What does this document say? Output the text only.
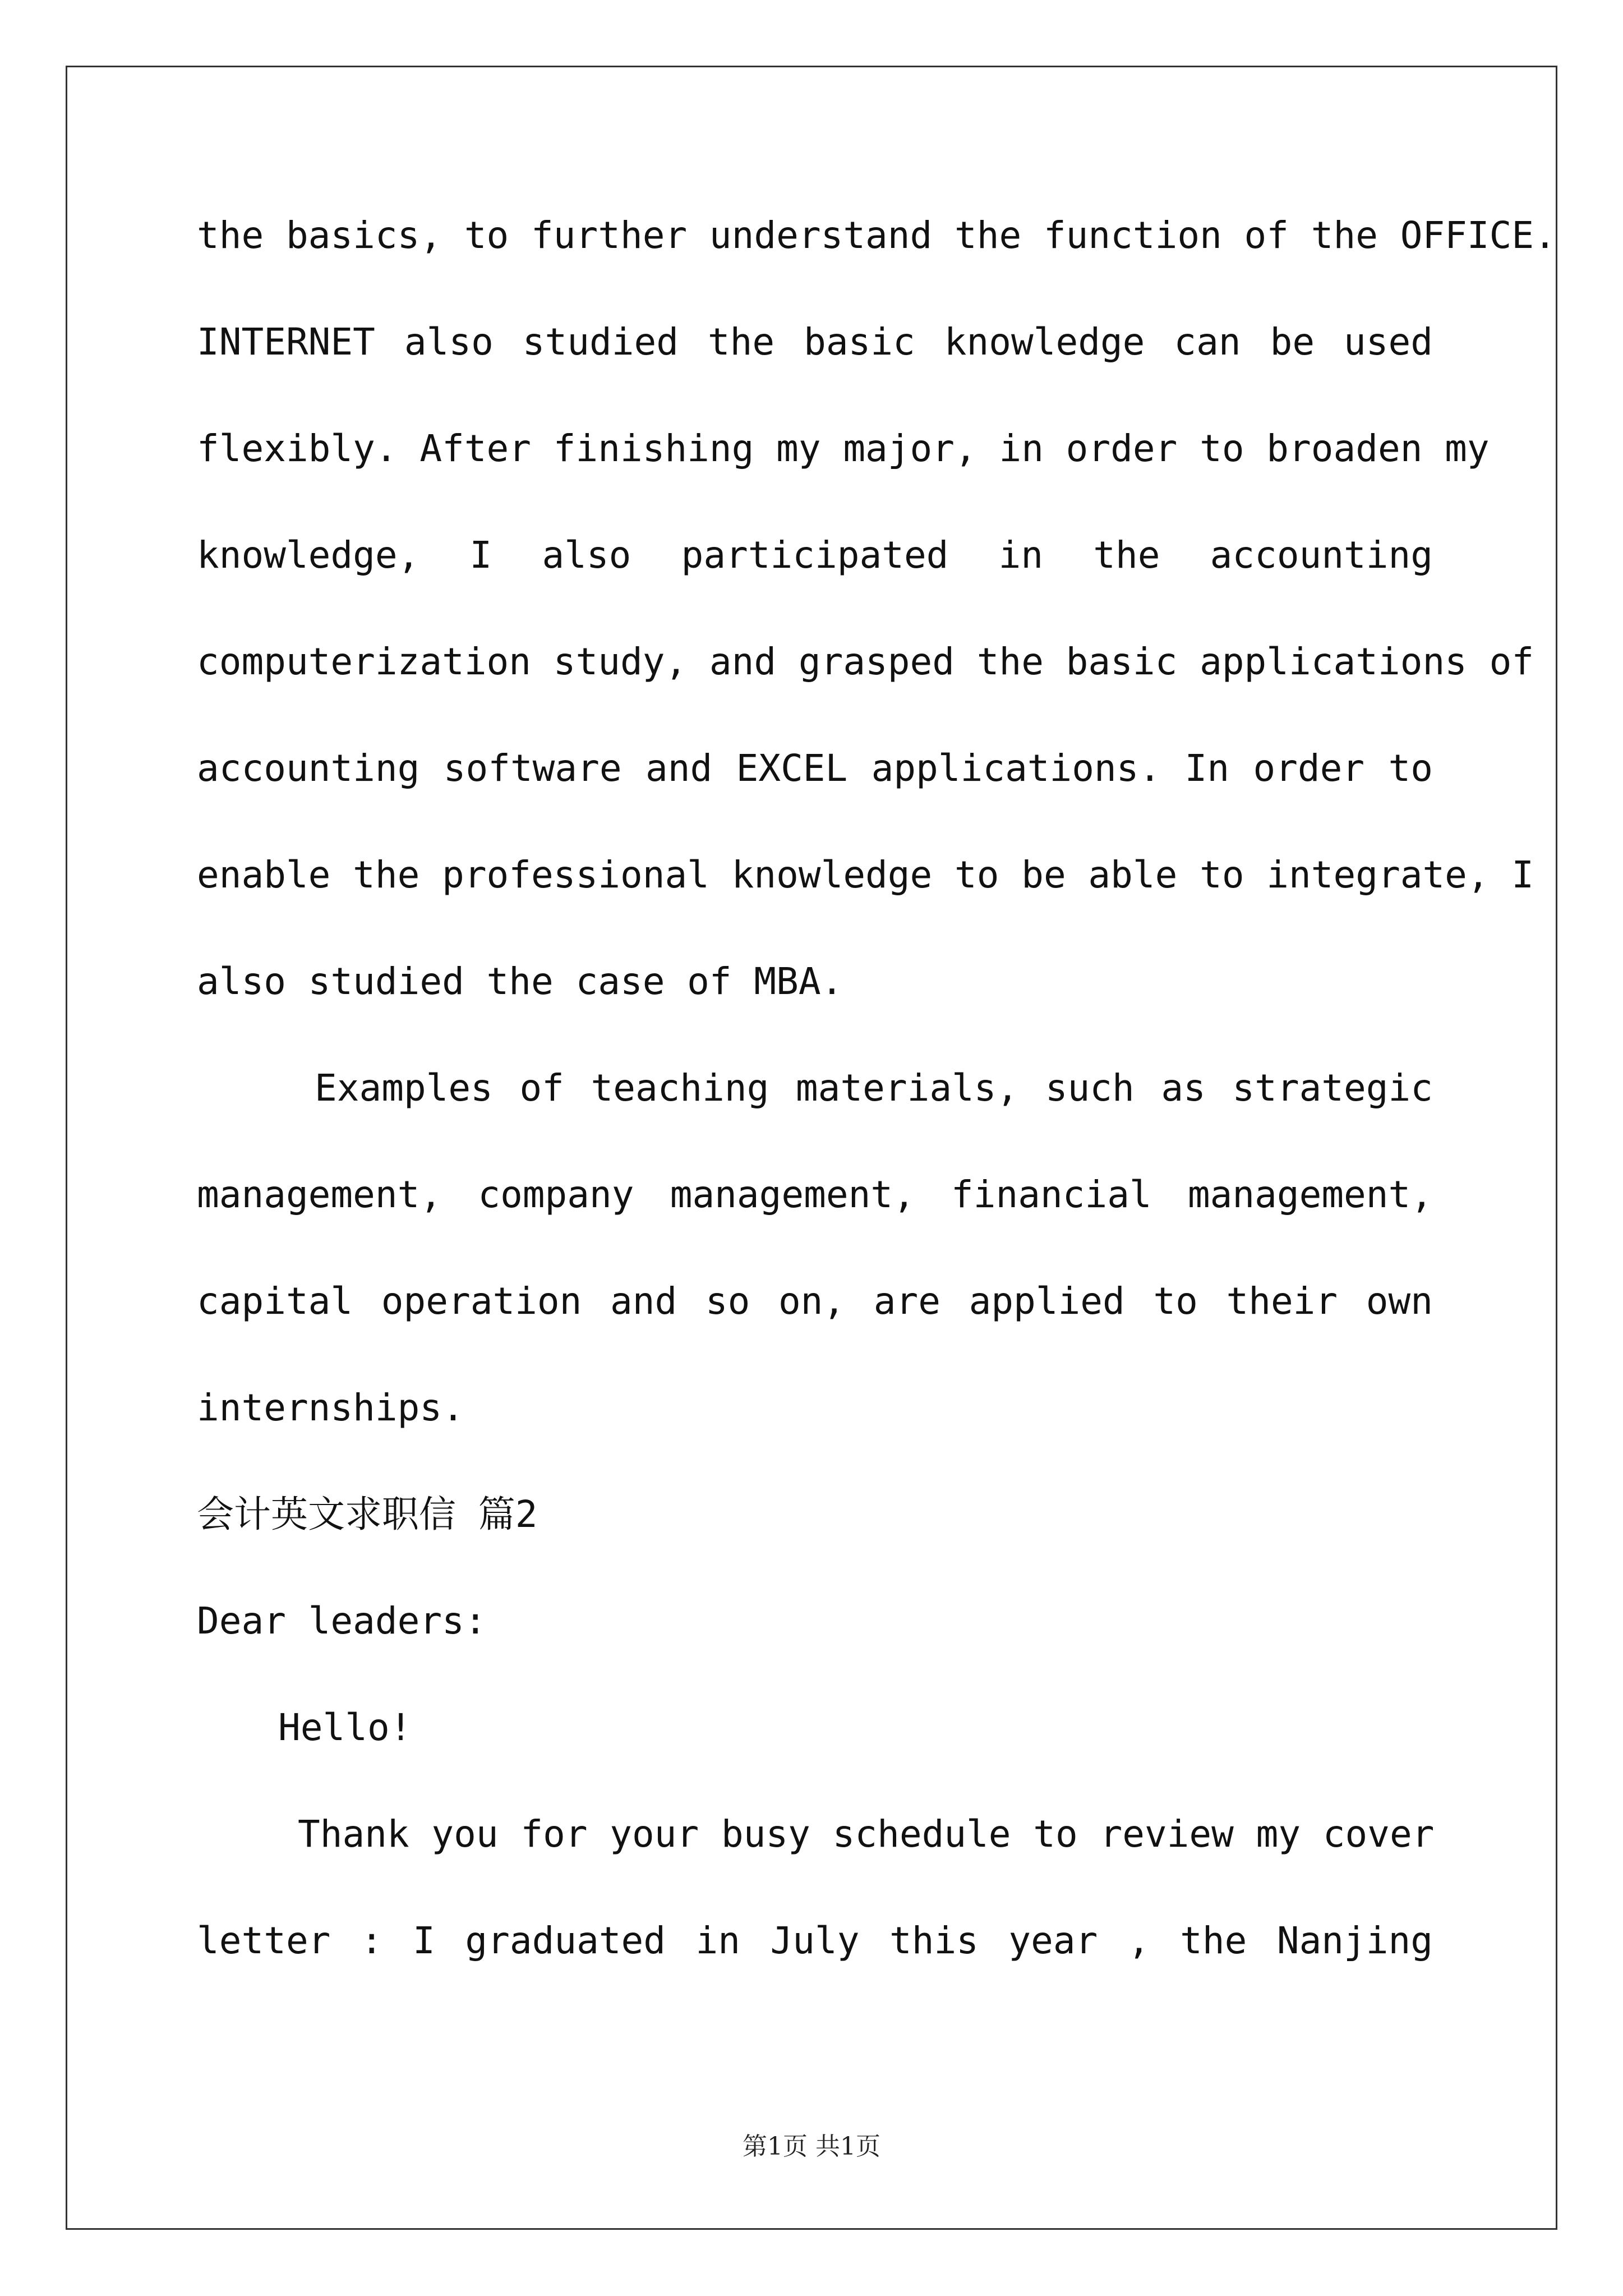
the basics, to further understand the function of the OFFICE.
INTERNET also studied the basic knowledge can be used
flexibly. After finishing my major, in order to broaden my
knowledge, I also participated in the accounting
computerization study, and grasped the basic applications of
accounting software and EXCEL applications. In order to
enable the professional knowledge to be able to integrate, I
also studied the case of MBA.
Examples of teaching materials, such as strategic
management, company management, financial management,
capital operation and so on, are applied to their own
internships.
会计英文求职信 篇2
Dear leaders:
Hello!
Thank you for your busy schedule to review my cover
letter : I graduated in July this year , the Nanjing
第1页 共1页
